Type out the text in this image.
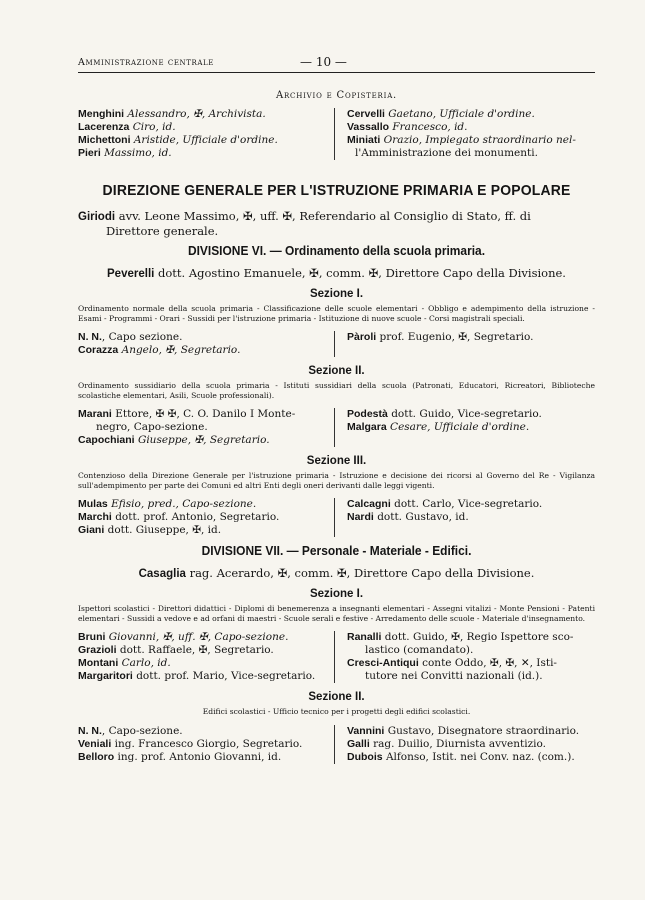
Amministrazione centrale	— 10 —
Archivio e Copisteria.

Menghini Alessandro, ✠, Archivista.

Lacerenza Ciro, id.

Michettoni Aristide, Ufficiale d'ordine.

Pieri Massimo, id.

Cervelli Gaetano, Ufficiale d'ordine.

Vassallo Francesco, id.

Miniati Orazio, Impiegato straordinario nel-

l'Amministrazione dei monumenti.

DIREZIONE GENERALE PER L'ISTRUZIONE PRIMARIA E POPOLARE

Giriodi avv. Leone Massimo, ✠, uff. ✠, Referendario al Consiglio di Stato, ff. di
Direttore generale.

DIVISIONE VI. — Ordinamento della scuola primaria.

Peverelli dott. Agostino Emanuele, ✠, comm. ✠, Direttore Capo della Divisione.

Sezione I.

Ordinamento normale della scuola primaria - Classificazione delle scuole elementari - Obbligo e adempimento della istruzione - Esami - Programmi - Orari - Sussidi per l'istruzione primaria - Istituzione di nuove scuole - Corsi magistrali speciali.

N. N., Capo sezione.

Corazza Angelo, ✠, Segretario.

Pàroli prof. Eugenio, ✠, Segretario.

Sezione II.

Ordinamento sussidiario della scuola primaria - Istituti sussidiari della scuola (Patronati, Educatori, Ricreatori, Biblioteche scolastiche elementari, Asili, Scuole professionali).

Marani Ettore, ✠ ✠, C. O. Danilo I Monte-

negro, Capo-sezione.

Capochiani Giuseppe, ✠, Segretario.

Podestà dott. Guido, Vice-segretario.

Malgara Cesare, Ufficiale d'ordine.

Sezione III.

Contenzioso della Direzione Generale per l'istruzione primaria - Istruzione e decisione dei ricorsi al Governo del Re - Vigilanza sull'adempimento per parte dei Comuni ed altri Enti degli oneri derivanti dalle leggi vigenti.

Mulas Efisio, pred., Capo-sezione.

Marchi dott. prof. Antonio, Segretario.

Giani dott. Giuseppe, ✠, id.

Calcagni dott. Carlo, Vice-segretario.

Nardi dott. Gustavo, id.

DIVISIONE VII. — Personale - Materiale - Edifici.

Casaglia rag. Acerardo, ✠, comm. ✠, Direttore Capo della Divisione.

Sezione I.

Ispettori scolastici - Direttori didattici - Diplomi di benemerenza a insegnanti elementari - Assegni vitalizi - Monte Pensioni - Patenti elementari - Sussidi a vedove e ad orfani di maestri - Scuole serali e festive - Arredamento delle scuole - Materiale d'insegnamento.

Bruni Giovanni, ✠, uff. ✠, Capo-sezione.

Grazioli dott. Raffaele, ✠, Segretario.

Montani Carlo, id.

Margaritori dott. prof. Mario, Vice-segretario.

Ranalli dott. Guido, ✠, Regio Ispettore sco-

lastico (comandato).

Cresci-Antiqui conte Oddo, ✠, ✠, ✕, Isti-

tutore nei Convitti nazionali (id.).

Sezione II.

Edifici scolastici - Ufficio tecnico per i progetti degli edifici scolastici.

N. N., Capo-sezione.

Veniali ing. Francesco Giorgio, Segretario.

Belloro ing. prof. Antonio Giovanni, id.

Vannini Gustavo, Disegnatore straordinario.

Galli rag. Duilio, Diurnista avventizio.

Dubois Alfonso, Istit. nei Conv. naz. (com.).
